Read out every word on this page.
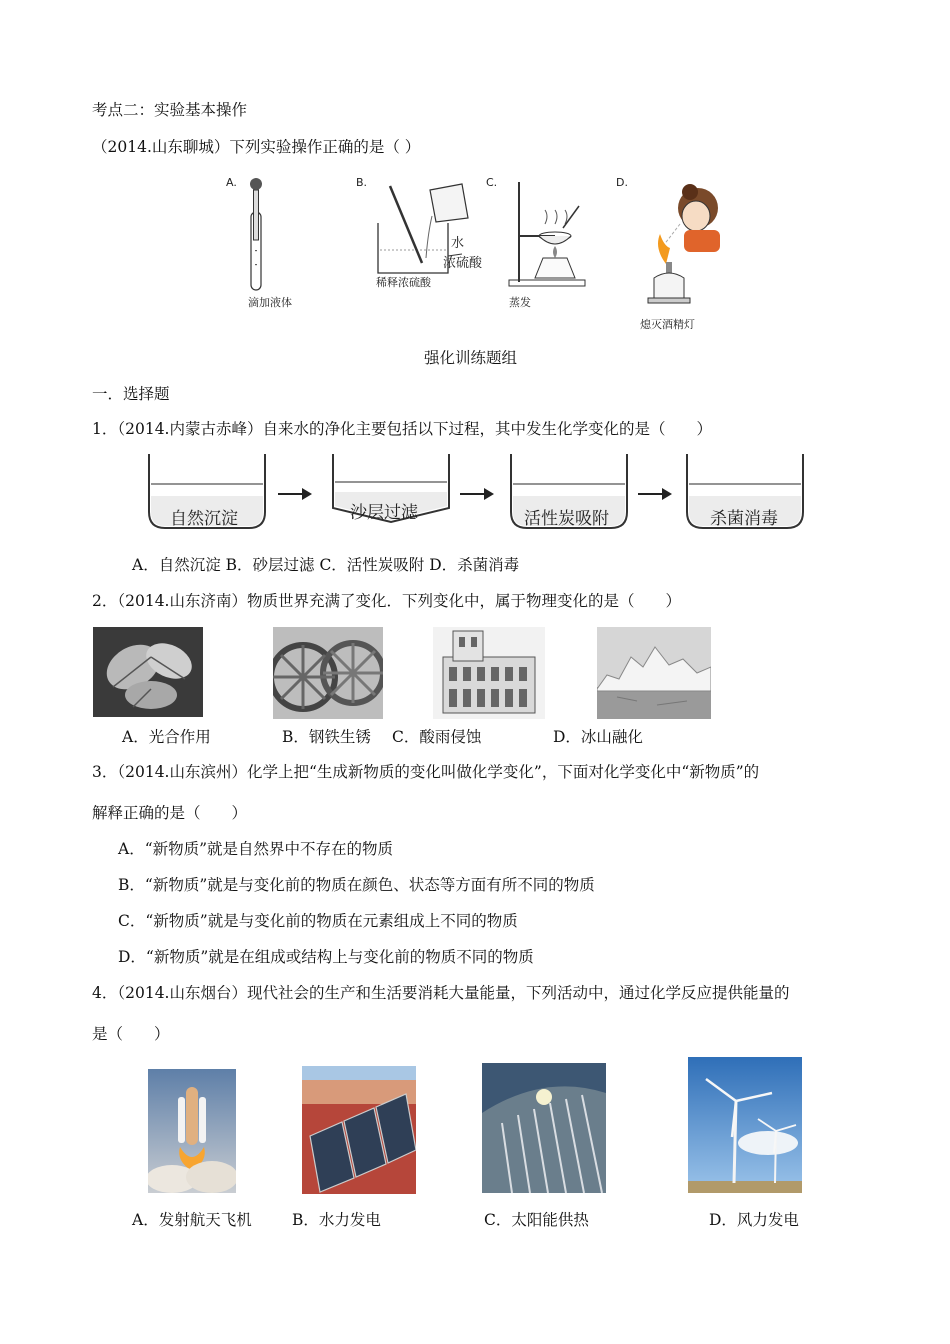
考点二：实验基本操作
（2014.山东聊城）下列实验操作正确的是（ ）
A.
滴加液体
B.
水
浓硫酸
稀释浓硫酸
C.
蒸发
D.
熄灭酒精灯
强化训练题组
一．选择题
1．（2014.内蒙古赤峰）自来水的净化主要包括以下过程，其中发生化学变化的是（　　）
自然沉淀	沙层过滤	活性炭吸附	杀菌消毒
A．自然沉淀 B．砂层过滤 C．活性炭吸附 D．杀菌消毒
2．（2014.山东济南）物质世界充满了变化．下列变化中，属于物理变化的是（　　）
A．光合作用	B．钢铁生锈 C．酸雨侵蚀	D．冰山融化
3．（2014.山东滨州）化学上把“生成新物质的变化叫做化学变化”，下面对化学变化中“新物质”的
解释正确的是（　　）
A．“新物质”就是自然界中不存在的物质
B．“新物质”就是与变化前的物质在颜色、状态等方面有所不同的物质
C．“新物质”就是与变化前的物质在元素组成上不同的物质
D．“新物质”就是在组成或结构上与变化前的物质不同的物质
4．（2014.山东烟台）现代社会的生产和生活要消耗大量能量，下列活动中，通过化学反应提供能量的
是（　　）
A．发射航天飞机	B．水力发电	C．太阳能供热	D．风力发电
